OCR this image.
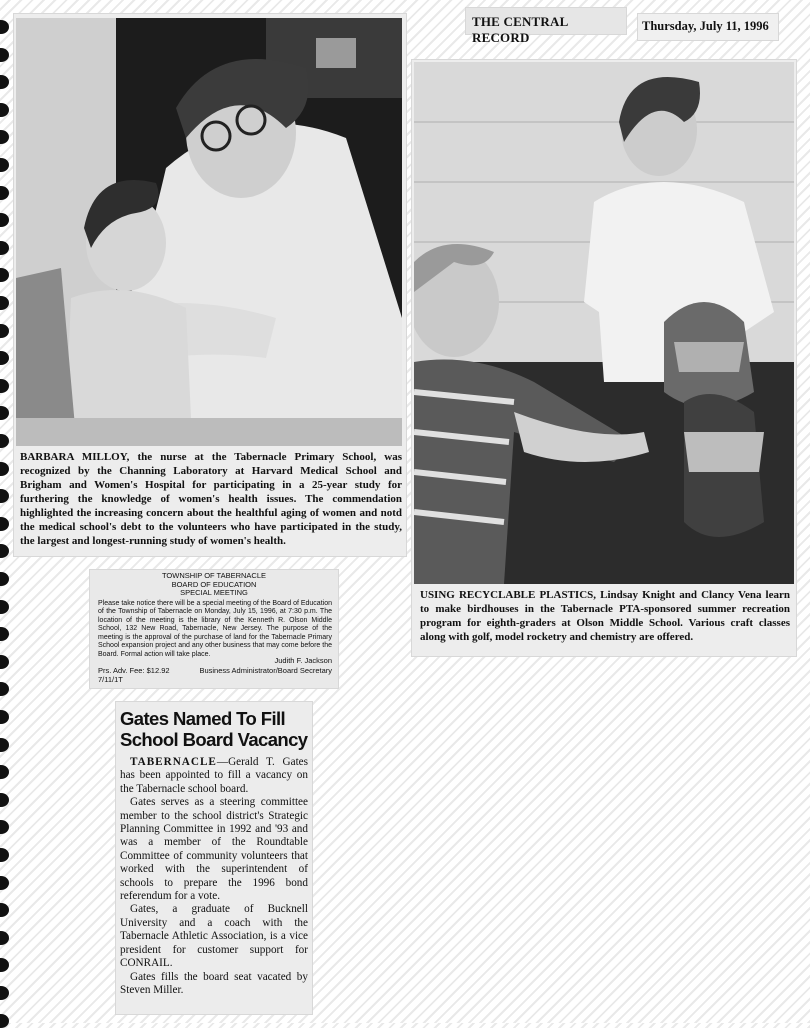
THE CENTRAL RECORD
Thursday, July 11, 1996
BARBARA MILLOY, the nurse at the Tabernacle Primary School, was recognized by the Channing Laboratory at Harvard Medical School and Brigham and Women's Hospital for participating in a 25-year study for furthering the knowledge of women's health issues. The commendation highlighted the increasing concern about the healthful aging of women and notd the medical school's debt to the volunteers who have participated in the study, the largest and longest-running study of women's health.
USING RECYCLABLE PLASTICS, Lindsay Knight and Clancy Vena learn to make birdhouses in the Tabernacle PTA-sponsored summer recreation program for eighth-graders at Olson Middle School. Various craft classes along with golf, model rocketry and chemistry are offered.
TOWNSHIP OF TABERNACLE
BOARD OF EDUCATION
SPECIAL MEETING
Please take notice there will be a special meeting of the Board of Education of the Township of Tabernacle on Monday, July 15, 1996, at 7:30 p.m. The location of the meeting is the library of the Kenneth R. Olson Middle School, 132 New Road, Tabernacle, New Jersey. The purpose of the meeting is the approval of the purchase of land for the Tabernacle Primary School expansion project and any other business that may come before the Board. Formal action will take place.
Judith F. Jackson
Prs. Adv. Fee: $12.92
7/11/1T
Business Administrator/Board Secretary
Gates Named To Fill School Board Vacancy

TABERNACLE—Gerald T. Gates has been appointed to fill a vacancy on the Tabernacle school board.

Gates serves as a steering committee member to the school district's Strategic Planning Committee in 1992 and '93 and was a member of the Roundtable Committee of community volunteers that worked with the superintendent of schools to prepare the 1996 bond referendum for a vote.

Gates, a graduate of Bucknell University and a coach with the Tabernacle Athletic Association, is a vice president for customer support for CONRAIL.

Gates fills the board seat vacated by Steven Miller.
